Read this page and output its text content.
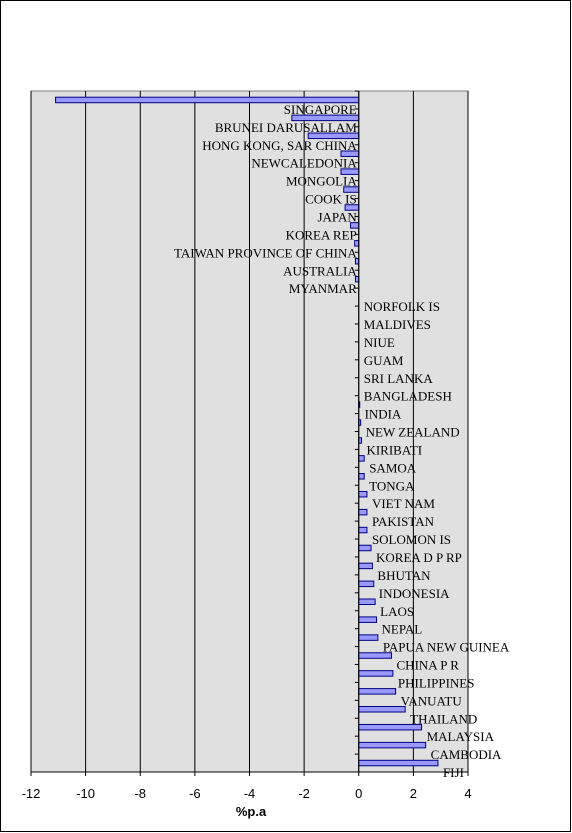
SINGAPORE
BRUNEI DARUSALLAM
HONG KONG, SAR CHINA
NEWCALEDONIA
MONGOLIA
COOK IS
JAPAN
KOREA REP
TAIWAN PROVINCE OF CHINA
AUSTRALIA
MYANMAR
NORFOLK IS
MALDIVES
NIUE
GUAM
SRI LANKA
BANGLADESH
INDIA
NEW ZEALAND
KIRIBATI
SAMOA
TONGA
VIET NAM
PAKISTAN
SOLOMON IS
KOREA D P RP
BHUTAN
INDONESIA
LAOS
NEPAL
PAPUA NEW GUINEA
CHINA P R
PHILIPPINES
VANUATU
THAILAND
MALAYSIA
CAMBODIA
FIJI
-12	-10	-8	-6	-4	-2	0	2	4
%p.a
